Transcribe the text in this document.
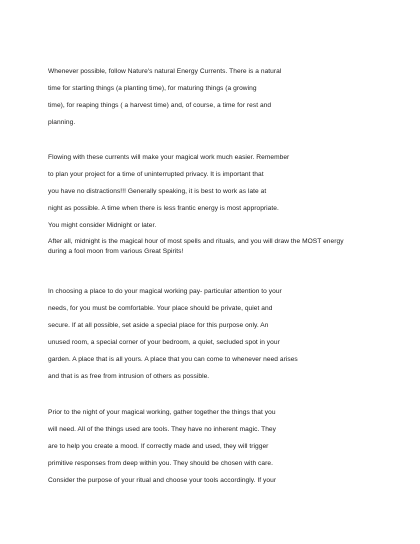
Whenever possible, follow Nature's natural Energy Currents. There is a natural
time for starting things (a planting time), for maturing things (a growing
time), for reaping things ( a harvest time) and, of course, a time for rest and
planning.
Flowing with these currents will make your magical work much easier. Remember
to plan your project for a time of uninterrupted privacy. It is important that
you have no distractions!!! Generally speaking, it is best to work as late at
night as possible. A time when there is less frantic energy is most appropriate.
You might consider Midnight or later.
After all, midnight is the magical hour of most spells and rituals, and you will draw the MOST energy
during a fool moon from various Great Spirits!
In choosing a place to do your magical working pay- particular attention to your
needs, for you must be comfortable. Your place should be private, quiet and
secure. If at all possible, set aside a special place for this purpose only. An
unused room, a special corner of your bedroom, a quiet, secluded spot in your
garden. A place that is all yours. A place that you can come to whenever need arises
and that is as free from intrusion of others as possible.
Prior to the night of your magical working, gather together the things that you
will need. All of the things used are tools. They have no inherent magic. They
are to help you create a mood. If correctly made and used, they will trigger
primitive responses from deep within you. They should be chosen with care.
Consider the purpose of your ritual and choose your tools accordingly. If your
